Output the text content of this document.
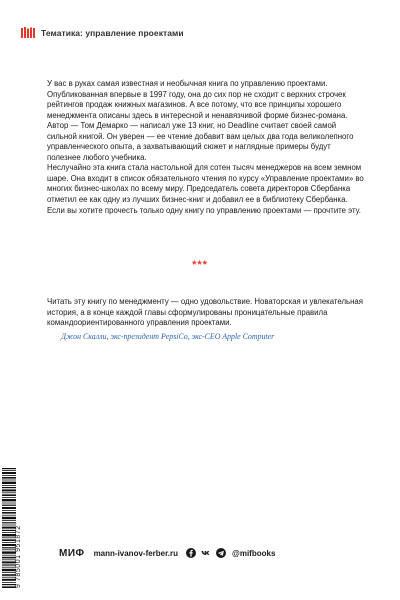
Тематика: управление проектами

У вас в руках самая известная и необычная книга по управлению проектами. Опубликованная впервые в 1997 году, она до сих пор не сходит с верхних строчек рейтингов продаж книжных магазинов. А все потому, что все принципы хорошего менеджмента описаны здесь в интересной и ненавязчивой форме бизнес-романа. Автор — Том Демарко — написал уже 13 книг, но Deadline считает своей самой сильной книгой. Он уверен — ее чтение добавит вам целых два года великолепного управленческого опыта, а захватывающий сюжет и наглядные примеры будут полезнее любого учебника.

Неслучайно эта книга стала настольной для сотен тысяч менеджеров на всем земном шаре. Она входит в список обязательного чтения по курсу «Управление проектами» во многих бизнес-школах по всему миру. Председатель совета директоров Сбербанка отметил ее как одну из лучших бизнес-книг и добавил ее в библиотеку Сбербанка.

Если вы хотите прочесть только одну книгу по управлению проектами — прочтите эту.

***
Читать эту книгу по менеджменту — одно удовольствие. Новаторская и увлекательная история, а в конце каждой главы сформулированы проницательные правила командоориентированного управления проектами.
Джон Скалли, экс-президент PepsiCo, экс-CEO Apple Computer
9 785001 951872	МИФ mann-ivanov-ferber.ru	@mifbooks
